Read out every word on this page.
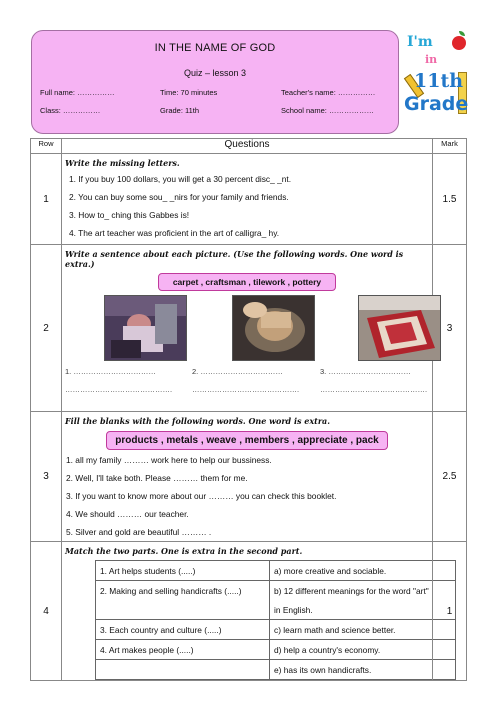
IN THE NAME OF GOD
Quiz – lesson 3
Full name: ……………	Time: 70 minutes	Teacher's name: ……………
Class: ……………	Grade: 11th	School name: ………………
I'm
in
11th
Grade
Row	Questions	Mark
1	
Write the missing letters.
1. If you buy 100 dollars, you will get a 30 percent disc_ _nt.
2. You can buy some sou_ _nirs for your family and friends.
3. How to_ ching this Gabbes is!
4. The art teacher was proficient in the art of calligra_ hy.
	1.5
2	
Write a sentence about each picture. (Use the following words. One word is extra.)
carpet , craftsman , tilework , pottery
1. ……………………………	2. ……………………………	3. ……………………………
…………………………………….	…………………………………….	…………………………………….
	3
3	
Fill the blanks with the following words. One word is extra.
products , metals , weave , members , appreciate , pack
1. all my family ……… work here to help our bussiness.
2. Well, I'll take both. Please ……… them for me.
3. If you want to know more about our ……… you can check this booklet.
4. We should ……… our teacher.
5. Silver and gold are beautiful ……… .
	2.5
4	
Match the two parts. One is extra in the second part.
1. Art helps students (.....)	a) more creative and sociable.
2. Making and selling handicrafts (.....)	b) 12 different meanings for the word "art"
	in English.
3. Each country and culture (.....)	c) learn math and science better.
4. Art makes people (.....)	d) help a country's economy.
	e) has its own handicrafts.
	1
